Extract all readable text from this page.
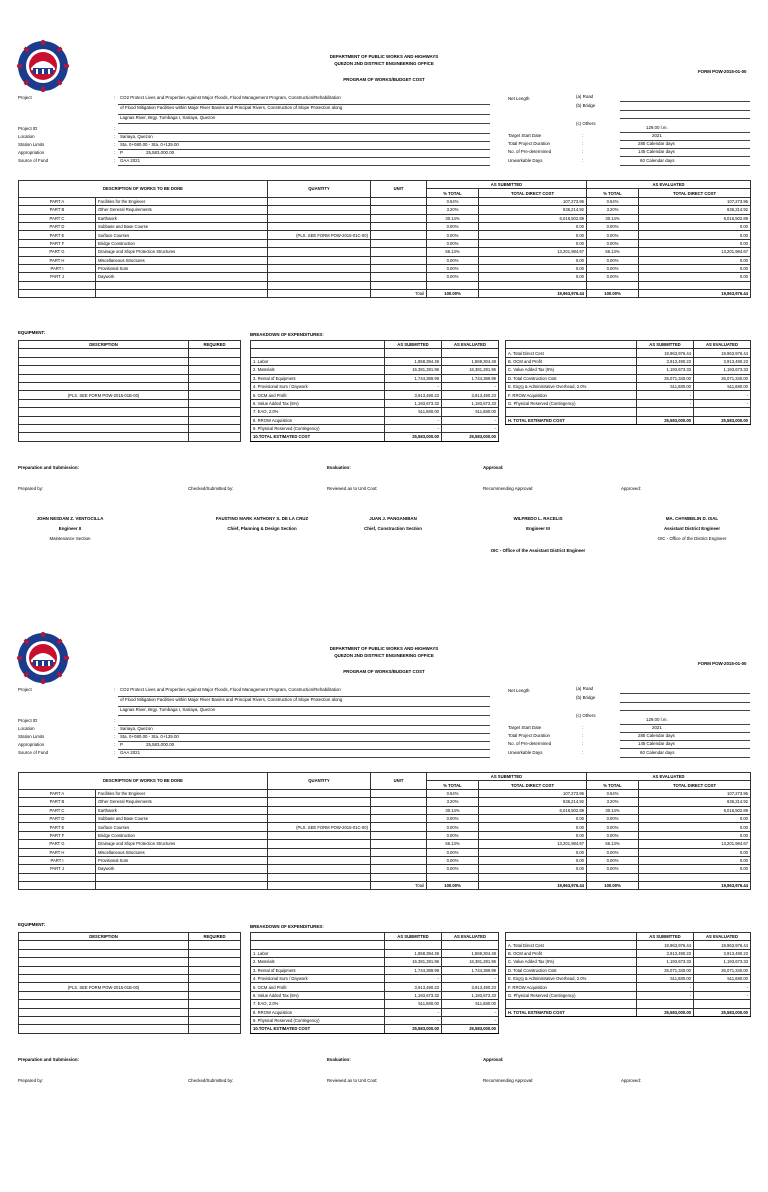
DEPARTMENT OF PUBLIC WORKS AND HIGHWAYS
QUEZON 2ND DISTRICT ENGINEERING OFFICE
PROGRAM OF WORKS/BUDGET COST
FORM POW-2015-01-00
Project	: CO2 Protect Lives and Properties Against Major Floods, Flood Management Program, Construction/Rehabilitation
of Flood Mitigation Facilities within Major River Basins and Principal Rivers, Construction of Slope Protection along
Lagnas River, Brgy. Tumbaga I, Sariaya, Quezon
Project ID	:
Location	: Sariaya, Quezon
Station Limits	: Sta. 0+080.00 - Sta. 0+129.00
Appropriation	: P	25,583,000.00
Source of Fund	: GAA 2021
Net Length	(a) Road
(b) Bridge
(c) Others
129.00 l.m.
Target Start Date	:	2021
Total Project Duration	:	285 Calendar days
No. of Pre-determined	:	145 Calendar days
Unworkable Days	:	60 Calendar days
DESCRIPTION OF WORKS TO BE DONE		QUANTITY	UNIT	AS SUBMITTED		AS EVALUATED	
				% TOTAL	TOTAL DIRECT COST	% TOTAL	TOTAL DIRECT COST
PART A	Facilities for the Engineer			0.54%	107,273.96	0.54%	107,273.96
PART B	Other General Requirements			3.20%	636,214.92	3.20%	636,214.92
PART C	Earthwork			30.14%	6,016,502.89	30.14%	6,016,502.89
PART D	Subbase and Base Course			0.00%	0.00	0.00%	0.00
PART E	Surface Courses	(PLS. SEE FORM POW-2015-01C-00)		0.00%	0.00	0.00%	0.00
PART F	Bridge Construction			0.00%	0.00	0.00%	0.00
PART G	Drainage and Slope Protection Structures			66.13%	13,201,984.67	66.13%	13,201,984.67
PART H	Miscellaneous Structures			0.00%	0.00	0.00%	0.00
PART I	Provisional Sum			0.00%	0.00	0.00%	0.00
PART J	Daywork			0.00%	0.00	0.00%	0.00

			Total	100.00%	19,963,976.44	100.00%	19,963,976.44
EQUIPMENT:
DESCRIPTION	REQUIRED

(PLS. SEE FORM POW-2015-01B-00)	

BREAKDOWN OF EXPENDITURES:
	AS SUBMITTED	AS EVALUATED

1. Labor	1,858,394.49	1,869,304.48
2. Materials	16,381,281.96	16,381,281.96
3. Rental of Equipment	1,744,389.99	1,744,389.99
4. Provisional Sum / Daywork	-	-
5. OCM and Profit	3,913,490.23	3,913,490.23
6. Value Added Tax (5%)	1,193,673.33	1,193,673.33
7. EAO, 2.0%	511,680.00	511,680.00
8. RROW Acquisition	-	-
9. Physical Reserved (Contingency)	-	-
10.TOTAL ESTIMATED COST	25,583,000.00	25,583,000.00
	AS SUBMITTED	AS EVALUATED
A. Total Direct Cost	19,963,976.44	19,963,976.44
B. OCM and Profit	3,913,490.23	3,913,490.23
C. Value Added Tax (5%)	1,193,673.33	1,193,673.33
D. Total Construction Cost	25,071,340.00	25,071,340.00
E. Eng'g & Administrative Overhead, 2.0%	511,680.00	511,680.00
F. RROW Acquisition	-	-
G. Physical Reserved (Contingency)	-	-

H. TOTAL ESTIMATED COST	25,583,000.00	25,583,000.00
Preparation and Submission:	Evaluation:	Approval:
Prepared by:	Checked/Submitted by:	Reviewed as to Unit Cost:	Recommending Approval:	Approved:
JOHN NESDAM Z. VENTOCILLA
Engineer II
Maintenance Section
FAUSTINO MARK ANTHONY S. DE LA CRUZ
Chief, Planning & Design Section
JUAN J. PANGANIBAN
Chief, Construction Section
WILFREDO L. RACELIS
Engineer III
OIC - Office of the Assistant District Engineer
MA. CHYMBELIN D. ISAL
Assistant District Engineer
OIC - Office of the District Engineer
DEPARTMENT OF PUBLIC WORKS AND HIGHWAYS
QUEZON 2ND DISTRICT ENGINEERING OFFICE
PROGRAM OF WORKS/BUDGET COST
FORM POW-2015-01-00
Project	: CO2 Protect Lives and Properties Against Major Floods, Flood Management Program, Construction/Rehabilitation
of Flood Mitigation Facilities within Major River Basins and Principal Rivers, Construction of Slope Protection along
Lagnas River, Brgy. Tumbaga I, Sariaya, Quezon
Project ID	:
Location	: Sariaya, Quezon
Station Limits	: Sta. 0+080.00 - Sta. 0+129.00
Appropriation	: P	25,583,000.00
Source of Fund	: GAA 2021
Net Length	(a) Road
(b) Bridge
(c) Others
129.00 l.m.
Target Start Date	:	2021
Total Project Duration	:	285 Calendar days
No. of Pre-determined	:	145 Calendar days
Unworkable Days	:	60 Calendar days
DESCRIPTION OF WORKS TO BE DONE		QUANTITY	UNIT	AS SUBMITTED		AS EVALUATED	
				% TOTAL	TOTAL DIRECT COST	% TOTAL	TOTAL DIRECT COST
PART A	Facilities for the Engineer			0.54%	107,273.96	0.54%	107,273.96
PART B	Other General Requirements			3.20%	636,214.92	3.20%	636,214.92
PART C	Earthwork			30.14%	6,016,502.89	30.14%	6,016,502.89
PART D	Subbase and Base Course			0.00%	0.00	0.00%	0.00
PART E	Surface Courses	(PLS. SEE FORM POW-2015-01C-00)		0.00%	0.00	0.00%	0.00
PART F	Bridge Construction			0.00%	0.00	0.00%	0.00
PART G	Drainage and Slope Protection Structures			66.13%	13,201,984.67	66.13%	13,201,984.67
PART H	Miscellaneous Structures			0.00%	0.00	0.00%	0.00
PART I	Provisional Sum			0.00%	0.00	0.00%	0.00
PART J	Daywork			0.00%	0.00	0.00%	0.00

			Total	100.00%	19,963,976.44	100.00%	19,963,976.44
EQUIPMENT:
DESCRIPTION	REQUIRED

(PLS. SEE FORM POW-2015-01B-00)	

BREAKDOWN OF EXPENDITURES:
	AS SUBMITTED	AS EVALUATED

1. Labor	1,858,394.49	1,869,304.48
2. Materials	16,381,281.96	16,381,281.96
3. Rental of Equipment	1,744,389.99	1,744,389.99
4. Provisional Sum / Daywork	-	-
5. OCM and Profit	3,913,490.23	3,913,490.23
6. Value Added Tax (5%)	1,193,673.33	1,193,673.33
7. EAO, 2.0%	511,680.00	511,680.00
8. RROW Acquisition	-	-
9. Physical Reserved (Contingency)	-	-
10.TOTAL ESTIMATED COST	25,583,000.00	25,583,000.00
	AS SUBMITTED	AS EVALUATED
A. Total Direct Cost	19,963,976.44	19,963,976.44
B. OCM and Profit	3,913,490.23	3,913,490.23
C. Value Added Tax (5%)	1,193,673.33	1,193,673.33
D. Total Construction Cost	25,071,340.00	25,071,340.00
E. Eng'g & Administrative Overhead, 2.0%	511,680.00	511,680.00
F. RROW Acquisition	-	-
G. Physical Reserved (Contingency)	-	-

H. TOTAL ESTIMATED COST	25,583,000.00	25,583,000.00
Preparation and Submission:	Evaluation:	Approval:
Prepared by:	Checked/Submitted by:	Reviewed as to Unit Cost:	Recommending Approval:	Approved:
